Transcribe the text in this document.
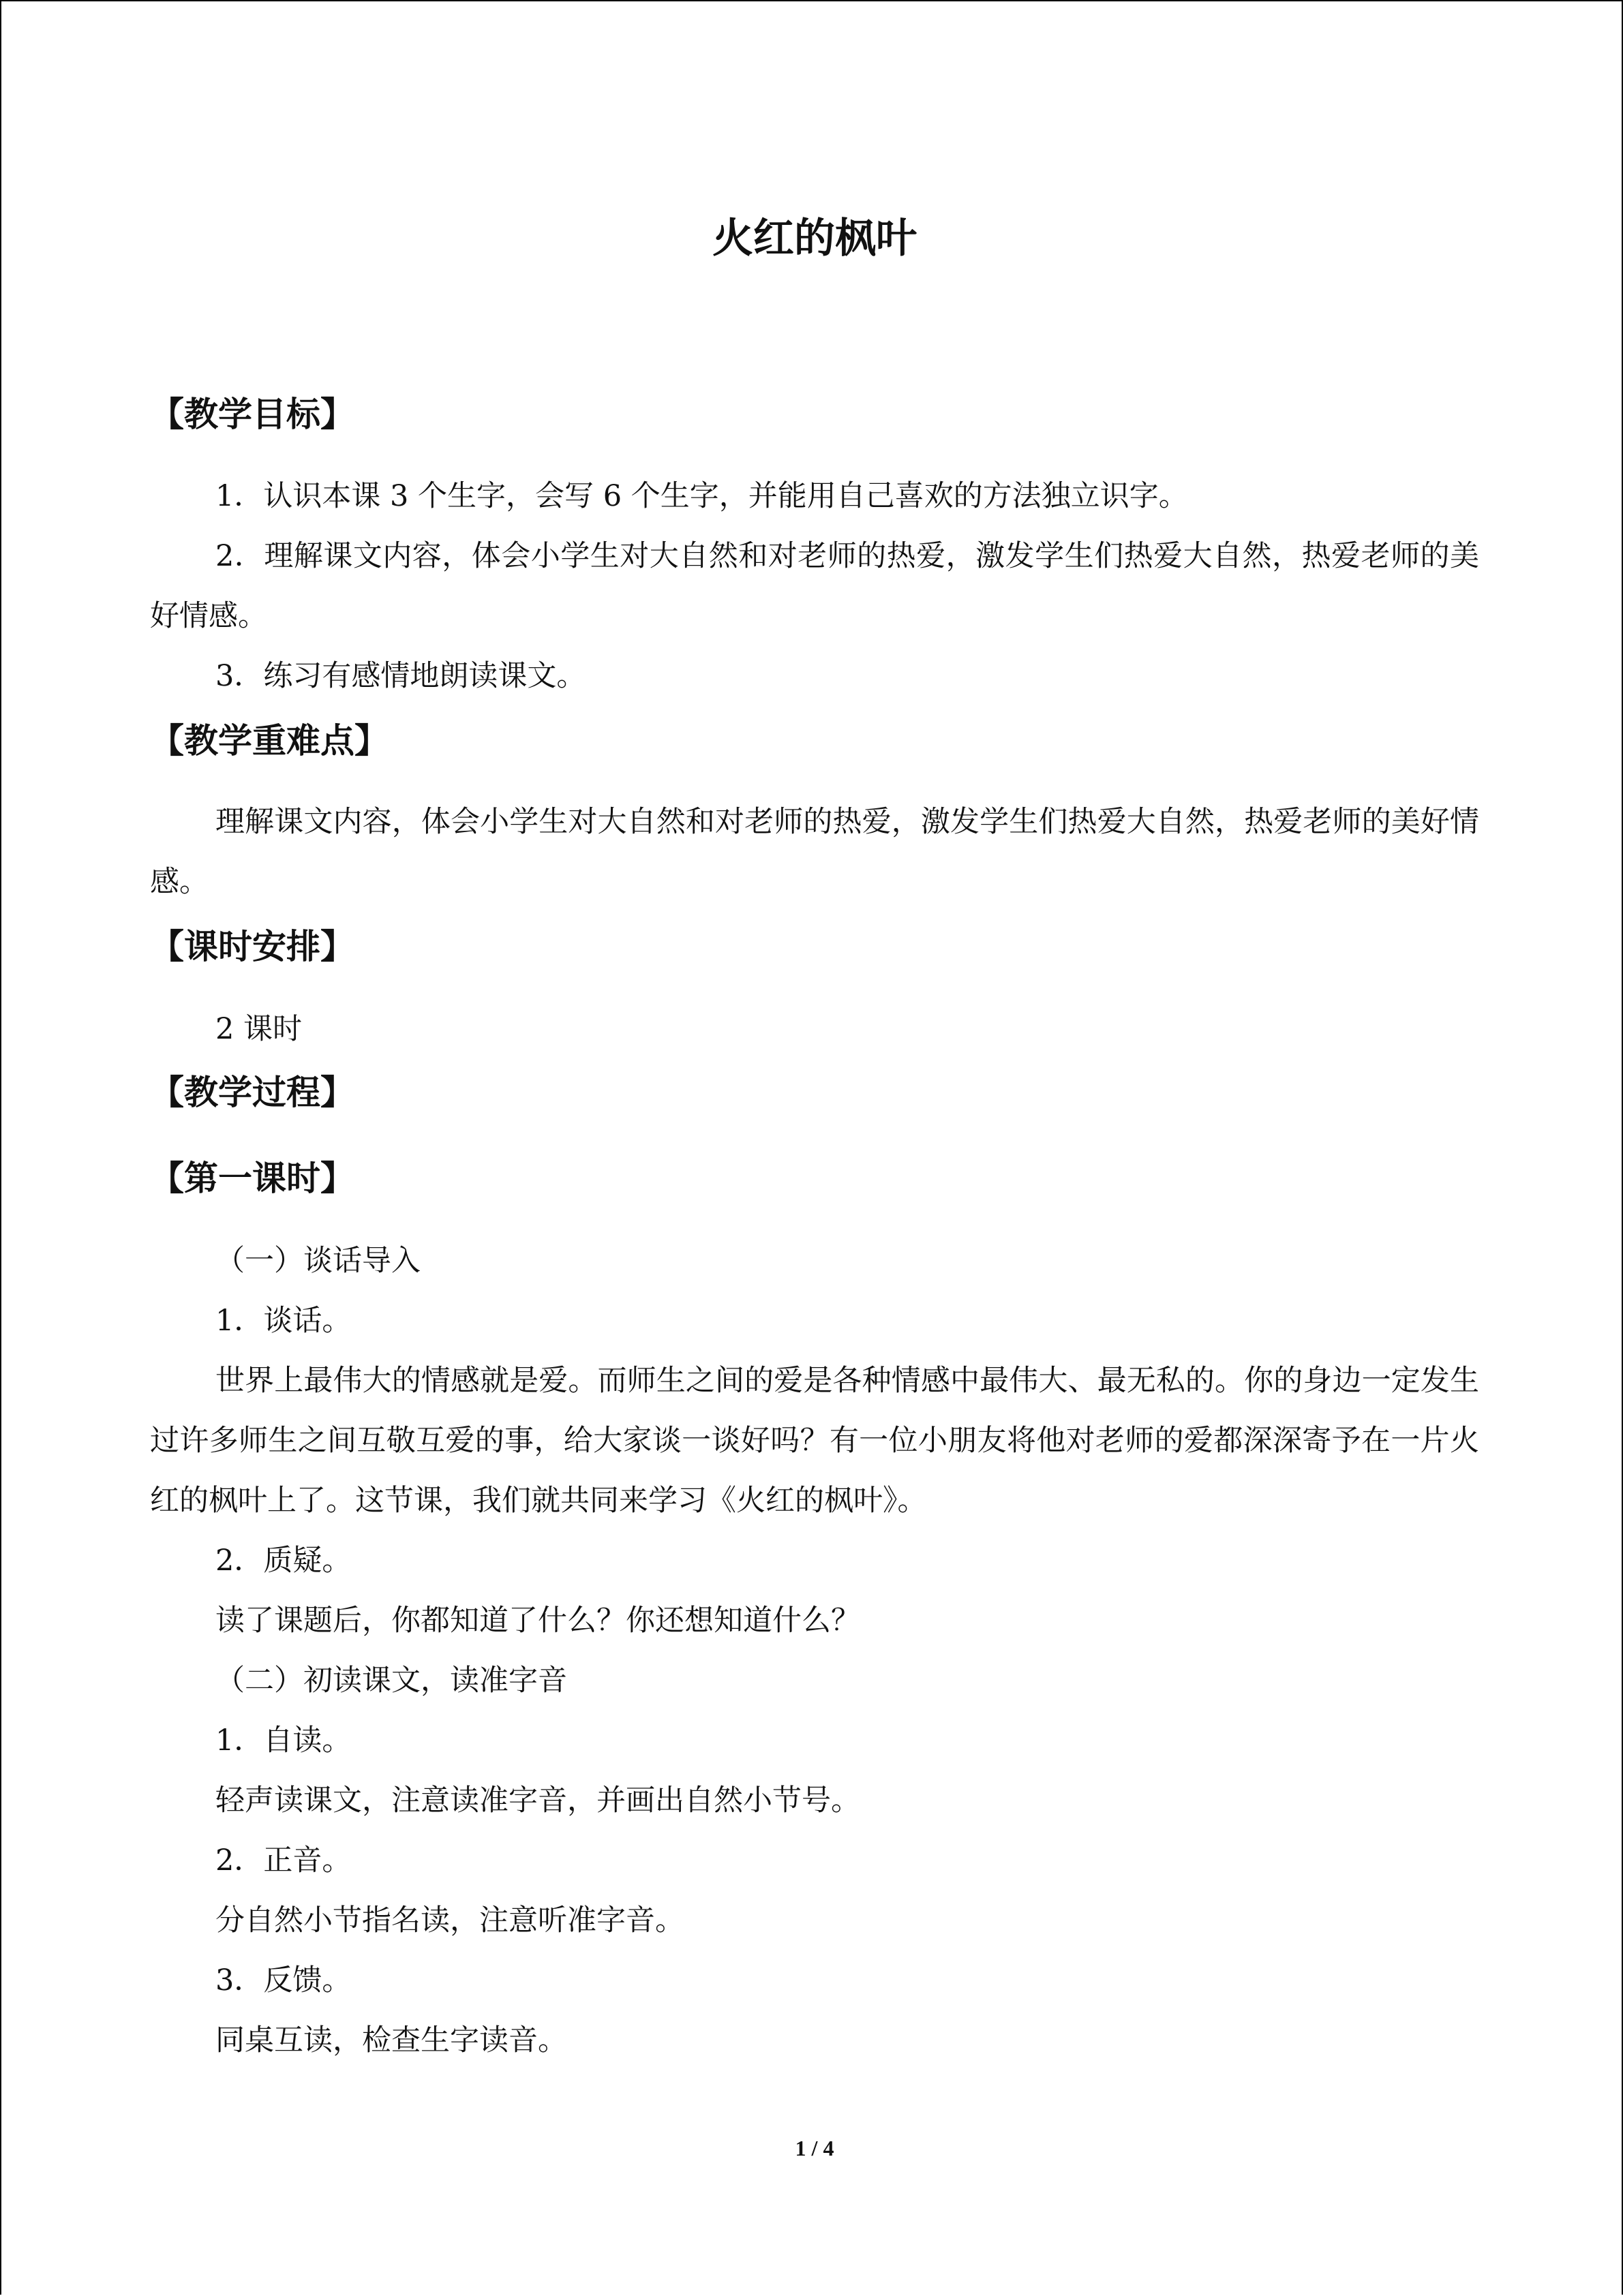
火红的枫叶
【教学目标】

1．认识本课 3 个生字，会写 6 个生字，并能用自己喜欢的方法独立识字。

2．理解课文内容，体会小学生对大自然和对老师的热爱，激发学生们热爱大自然，热爱老师的美好情感。

3．练习有感情地朗读课文。

【教学重难点】

理解课文内容，体会小学生对大自然和对老师的热爱，激发学生们热爱大自然，热爱老师的美好情感。

【课时安排】

2 课时

【教学过程】
【第一课时】

（一）谈话导入

1．谈话。

世界上最伟大的情感就是爱。而师生之间的爱是各种情感中最伟大、最无私的。你的身边一定发生过许多师生之间互敬互爱的事，给大家谈一谈好吗？有一位小朋友将他对老师的爱都深深寄予在一片火红的枫叶上了。这节课，我们就共同来学习《火红的枫叶》。

2．质疑。

读了课题后，你都知道了什么？你还想知道什么？

（二）初读课文，读准字音

1．自读。

轻声读课文，注意读准字音，并画出自然小节号。

2．正音。

分自然小节指名读，注意听准字音。

3．反馈。

同桌互读，检查生字读音。

1 / 4
